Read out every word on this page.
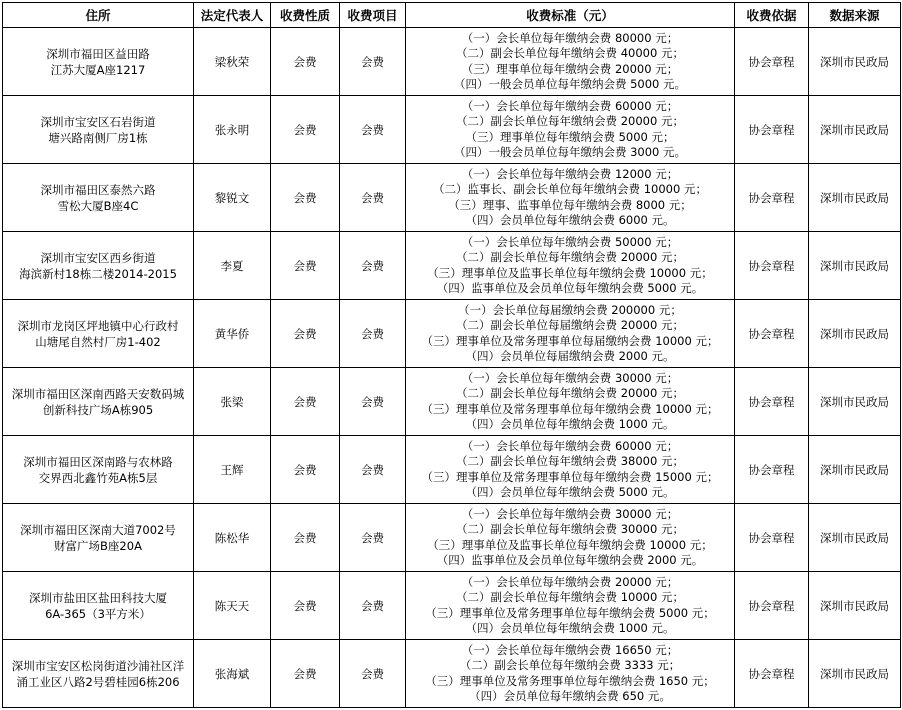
住所	法定代表人	收费性质	收费项目	收费标准（元）	收费依据	数据来源

深圳市福田区益田路
江苏大厦A座1217	梁秋荣	会费	会费	（一）会长单位每年缴纳会费 80000 元；
（二）副会长单位每年缴纳会费 40000 元；
（三）理事单位每年缴纳会费 20000 元；
（四）一般会员单位每年缴纳会费 5000 元。	协会章程	深圳市民政局

深圳市宝安区石岩街道
塘兴路南侧厂房1栋	张永明	会费	会费	（一）会长单位每年缴纳会费 60000 元；
（二）副会长单位每年缴纳会费 20000 元；
（三）理事单位每年缴纳会费 5000 元；
（四）一般会员单位每年缴纳会费 3000 元。	协会章程	深圳市民政局

深圳市福田区泰然六路
雪松大厦B座4C	黎锐文	会费	会费	（一）会长单位每年缴纳会费 12000 元；
（二）监事长、副会长单位每年缴纳会费 10000 元；
（三）理事、监事单位每年缴纳会费 8000 元；
（四）会员单位每年缴纳会费 6000 元。	协会章程	深圳市民政局

深圳市宝安区西乡街道
海滨新村18栋二楼2014-2015	李夏	会费	会费	（一）会长单位每年缴纳会费 50000 元；
（二）副会长单位每年缴纳会费 20000 元；
（三）理事单位及监事长单位每年缴纳会费 10000 元；
（四）监事单位及会员单位每年缴纳会费 5000 元。	协会章程	深圳市民政局

深圳市龙岗区坪地镇中心行政村
山塘尾自然村厂房1-402	黄华侨	会费	会费	（一）会长单位每届缴纳会费 200000 元；
（二）副会长单位每届缴纳会费 20000 元；
（三）理事单位及常务理事单位每届缴纳会费 10000 元；
（四）会员单位每届缴纳会费 2000 元。	协会章程	深圳市民政局

深圳市福田区深南西路天安数码城
创新科技广场A栋905	张梁	会费	会费	（一）会长单位每年缴纳会费 30000 元；
（二）副会长单位每年缴纳会费 20000 元；
（三）理事单位及常务理事单位每年缴纳会费 10000 元；
（四）会员单位每年缴纳会费 1000 元。	协会章程	深圳市民政局

深圳市福田区深南路与农林路
交界西北鑫竹苑A栋5层	王辉	会费	会费	（一）会长单位每年缴纳会费 60000 元；
（二）副会长单位每年缴纳会费 38000 元；
（三）理事单位及常务理事单位每年缴纳会费 15000 元；
（四）会员单位每年缴纳会费 5000 元。	协会章程	深圳市民政局

深圳市福田区深南大道7002号
财富广场B座20A	陈松华	会费	会费	（一）会长单位每年缴纳会费 30000 元；
（二）副会长单位每年缴纳会费 30000 元；
（三）理事单位及监事长单位每年缴纳会费 10000 元；
（四）监事单位及会员单位每年缴纳会费 2000 元。	协会章程	深圳市民政局

深圳市盐田区盐田科技大厦
6A-365（3平方米）	陈天天	会费	会费	（一）会长单位每年缴纳会费 20000 元；
（二）副会长单位每年缴纳会费 10000 元；
（三）理事单位及常务理事单位每年缴纳会费 5000 元；
（四）会员单位每年缴纳会费 1000 元。	协会章程	深圳市民政局

深圳市宝安区松岗街道沙浦社区洋
涌工业区八路2号碧桂园6栋206	张海斌	会费	会费	（一）会长单位每年缴纳会费 16650 元；
（二）副会长单位每年缴纳会费 3333 元；
（三）理事单位及常务理事单位每年缴纳会费 1650 元；
（四）会员单位每年缴纳会费 650 元。	协会章程	深圳市民政局
